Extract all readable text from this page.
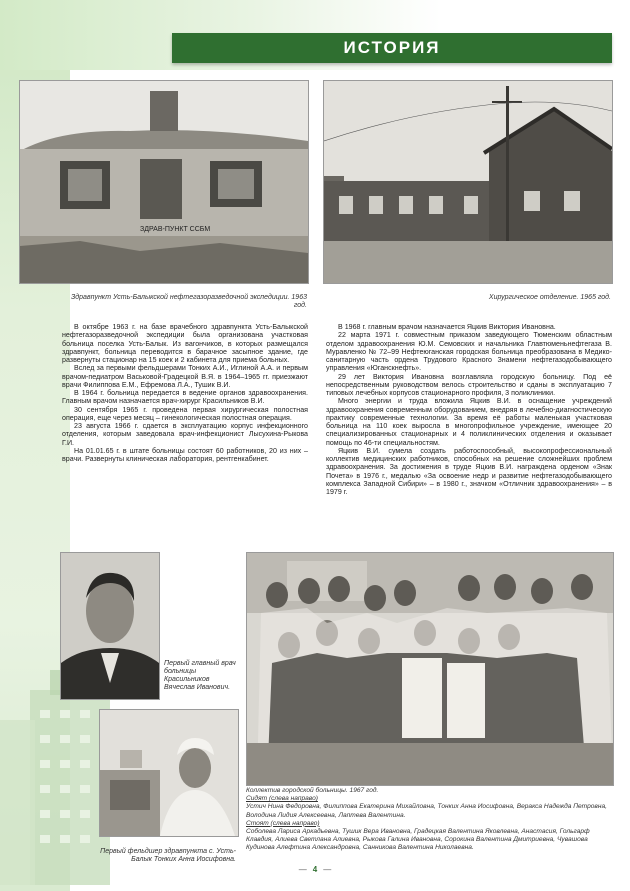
ИСТОРИЯ
ЗДРАВ-ПУНКТ ССБМ
Здравпункт Усть-Балыкской нефтегазоразведочной экспедиции. 1963 год.
Хирургическое отделение. 1965 год.

В октябре 1963 г. на базе врачебного здравпункта Усть-Балыкской нефтегазоразведочной экспедиции была организована участковая больница поселка Усть-Балык. Из вагончиков, в которых размещался здравпункт, больница переводится в барачное засыпное здание, где развернуты стационар на 15 коек и 2 кабинета для приема больных.

Вслед за первыми фельдшерами Тонких А.И., Иглиной А.А. и первым врачом-педиатром Васьковой-Градецкой В.Я. в 1964–1965 гг. приезжают врачи Филиппова Е.М., Ефремова Л.А., Тушик В.И.

В 1964 г. больница передается в ведение органов здравоохранения. Главным врачом назначается врач-хирург Красильников В.И.

30 сентября 1965 г. проведена первая хирургическая полостная операция, еще через месяц – гинекологическая полостная операция.

23 августа 1966 г. сдается в эксплуатацию корпус инфекционного отделения, которым заведовала врач-инфекционист Лысухина-Рыкова Г.И.

На 01.01.65 г. в штате больницы состоят 60 работников, 20 из них – врачи. Развернуты клиническая лаборатория, рентгенкабинет.

В 1968 г. главным врачом назначается Яцкив Виктория Ивановна.

22 марта 1971 г. совместным приказом заведующего Тюменским областным отделом здравоохранения Ю.М. Семовских и начальника Главтюменьнефтегаза В. Муравленко № 72–99 Нефтеюганская городская больница преобразована в Медико-санитарную часть ордена Трудового Красного Знамени нефтегазодобывающего управления «Юганскнефть».

29 лет Виктория Ивановна возглавляла городскую больницу. Под её непосредственным руководством велось строительство и сданы в эксплуатацию 7 типовых лечебных корпусов стационарного профиля, 3 поликлиники.

Много энергии и труда вложила Яцкив В.И. в оснащение учреждений здравоохранения современным оборудованием, внедряя в лечебно-диагностическую практику современные технологии. За время её работы маленькая участковая больница на 110 коек выросла в многопрофильное учреждение, имеющее 20 специализированных стационарных и 4 поликлинических отделения и оказывает помощь по 46-ти специальностям.

Яцкив В.И. сумела создать работоспособный, высокопрофессиональный коллектив медицинских работников, способных на решение сложнейших проблем здравоохранения. За достижения в труде Яцкив В.И. награждена орденом «Знак Почета» в 1976 г., медалью «За освоение недр и развитие нефтегазодобывающего комплекса Западной Сибири» – в 1980 г., значком «Отличник здравоохранения» – в 1979 г.

Первый главный врач больницы Красильников Вячеслав Иванович.
Первый фельдшер здравпункта с. Усть-Балык Тонких Анна Иосифовна.
Коллектив городской больницы. 1967 год.
Сидят (слева направо)
Устич Нина Федоровна, Филиппова Екатерина Михайловна, Тонких Анна Иосифовна, Веракса Надежда Петровна, Володина Лидия Алексеевна, Лаптева Валентина.
Стоят (слева направо)
Соболева Лариса Аркадьевна, Тушик Вера Ивановна, Градецкая Валентина Яковлевна, Анастасия, Гольгарф Клавдия, Алиева Светлана Алиевна, Рыкова Галина Ивановна, Сорокина Валентина Дмитриевна, Чувашова Кудинова Алефтина Александровна, Санникова Валентина Николаевна.
— 4 —
